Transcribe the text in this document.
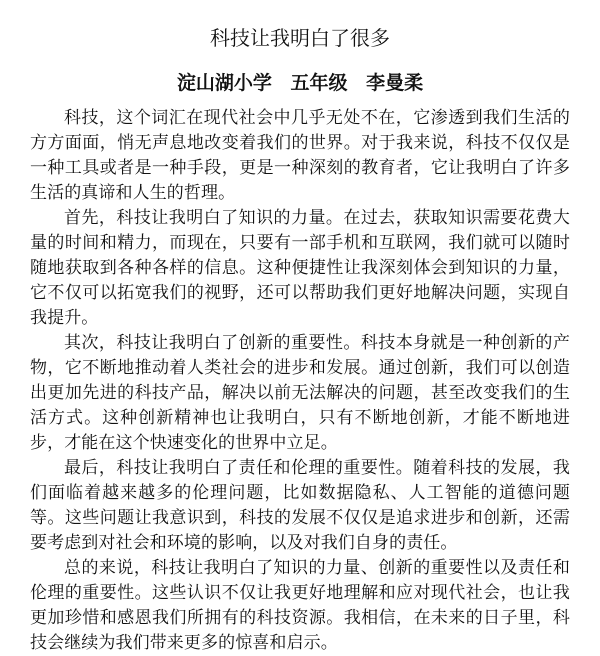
科技让我明白了很多
淀山湖小学 五年级 李曼柔

科技，这个词汇在现代社会中几乎无处不在，它渗透到我们生活的方方面面，悄无声息地改变着我们的世界。对于我来说，科技不仅仅是一种工具或者是一种手段，更是一种深刻的教育者，它让我明白了许多生活的真谛和人生的哲理。

首先，科技让我明白了知识的力量。在过去，获取知识需要花费大量的时间和精力，而现在，只要有一部手机和互联网，我们就可以随时随地获取到各种各样的信息。这种便捷性让我深刻体会到知识的力量，它不仅可以拓宽我们的视野，还可以帮助我们更好地解决问题，实现自我提升。

其次，科技让我明白了创新的重要性。科技本身就是一种创新的产物，它不断地推动着人类社会的进步和发展。通过创新，我们可以创造出更加先进的科技产品，解决以前无法解决的问题，甚至改变我们的生活方式。这种创新精神也让我明白，只有不断地创新，才能不断地进步，才能在这个快速变化的世界中立足。

最后，科技让我明白了责任和伦理的重要性。随着科技的发展，我们面临着越来越多的伦理问题，比如数据隐私、人工智能的道德问题等。这些问题让我意识到，科技的发展不仅仅是追求进步和创新，还需要考虑到对社会和环境的影响，以及对我们自身的责任。

总的来说，科技让我明白了知识的力量、创新的重要性以及责任和伦理的重要性。这些认识不仅让我更好地理解和应对现代社会，也让我更加珍惜和感恩我们所拥有的科技资源。我相信，在未来的日子里，科技会继续为我们带来更多的惊喜和启示。
